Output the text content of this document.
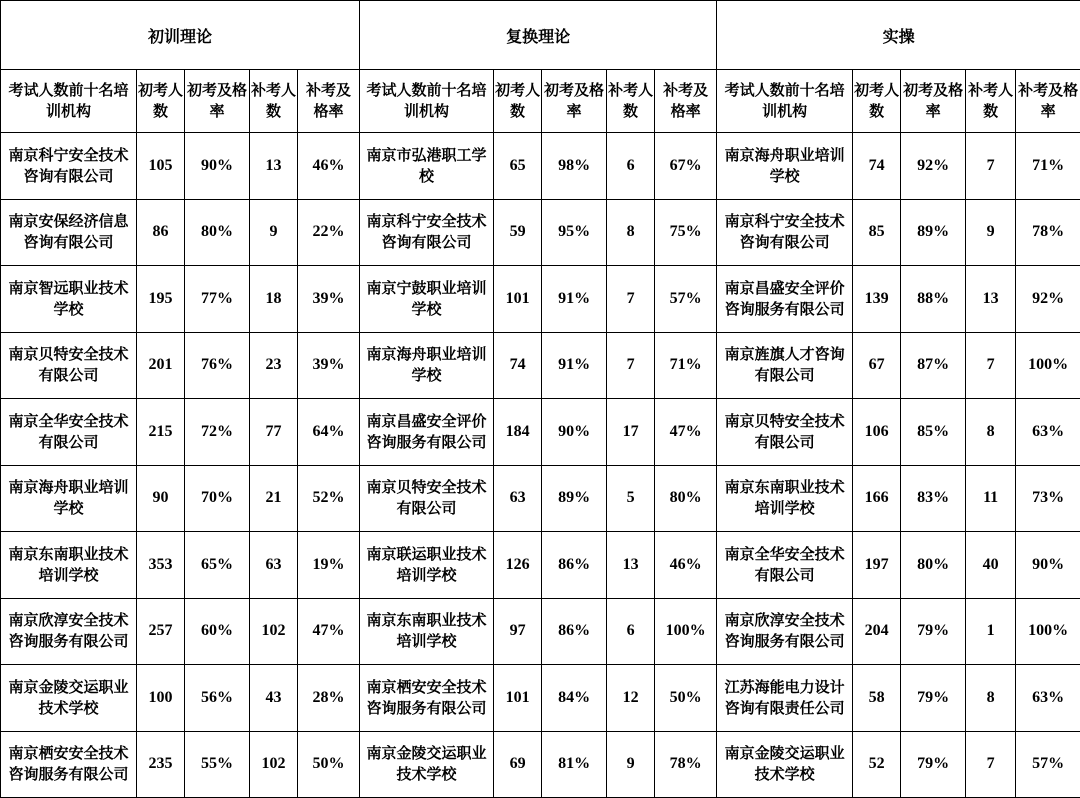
初训理论					复换理论					实操				
考试人数前十名培训机构	初考人数	初考及格率	补考人数	补考及格率	考试人数前十名培训机构	初考人数	初考及格率	补考人数	补考及格率	考试人数前十名培训机构	初考人数	初考及格率	补考人数	补考及格率
南京科宁安全技术咨询有限公司	105	90%	13	46%	南京市弘港职工学校	65	98%	6	67%	南京海舟职业培训学校	74	92%	7	71%
南京安保经济信息咨询有限公司	86	80%	9	22%	南京科宁安全技术咨询有限公司	59	95%	8	75%	南京科宁安全技术咨询有限公司	85	89%	9	78%
南京智远职业技术学校	195	77%	18	39%	南京宁鼓职业培训学校	101	91%	7	57%	南京昌盛安全评价咨询服务有限公司	139	88%	13	92%
南京贝特安全技术有限公司	201	76%	23	39%	南京海舟职业培训学校	74	91%	7	71%	南京旌旗人才咨询有限公司	67	87%	7	100%
南京全华安全技术有限公司	215	72%	77	64%	南京昌盛安全评价咨询服务有限公司	184	90%	17	47%	南京贝特安全技术有限公司	106	85%	8	63%
南京海舟职业培训学校	90	70%	21	52%	南京贝特安全技术有限公司	63	89%	5	80%	南京东南职业技术培训学校	166	83%	11	73%
南京东南职业技术培训学校	353	65%	63	19%	南京联运职业技术培训学校	126	86%	13	46%	南京全华安全技术有限公司	197	80%	40	90%
南京欣淳安全技术咨询服务有限公司	257	60%	102	47%	南京东南职业技术培训学校	97	86%	6	100%	南京欣淳安全技术咨询服务有限公司	204	79%	1	100%
南京金陵交运职业技术学校	100	56%	43	28%	南京栖安安全技术咨询服务有限公司	101	84%	12	50%	江苏海能电力设计咨询有限责任公司	58	79%	8	63%
南京栖安安全技术咨询服务有限公司	235	55%	102	50%	南京金陵交运职业技术学校	69	81%	9	78%	南京金陵交运职业技术学校	52	79%	7	57%
